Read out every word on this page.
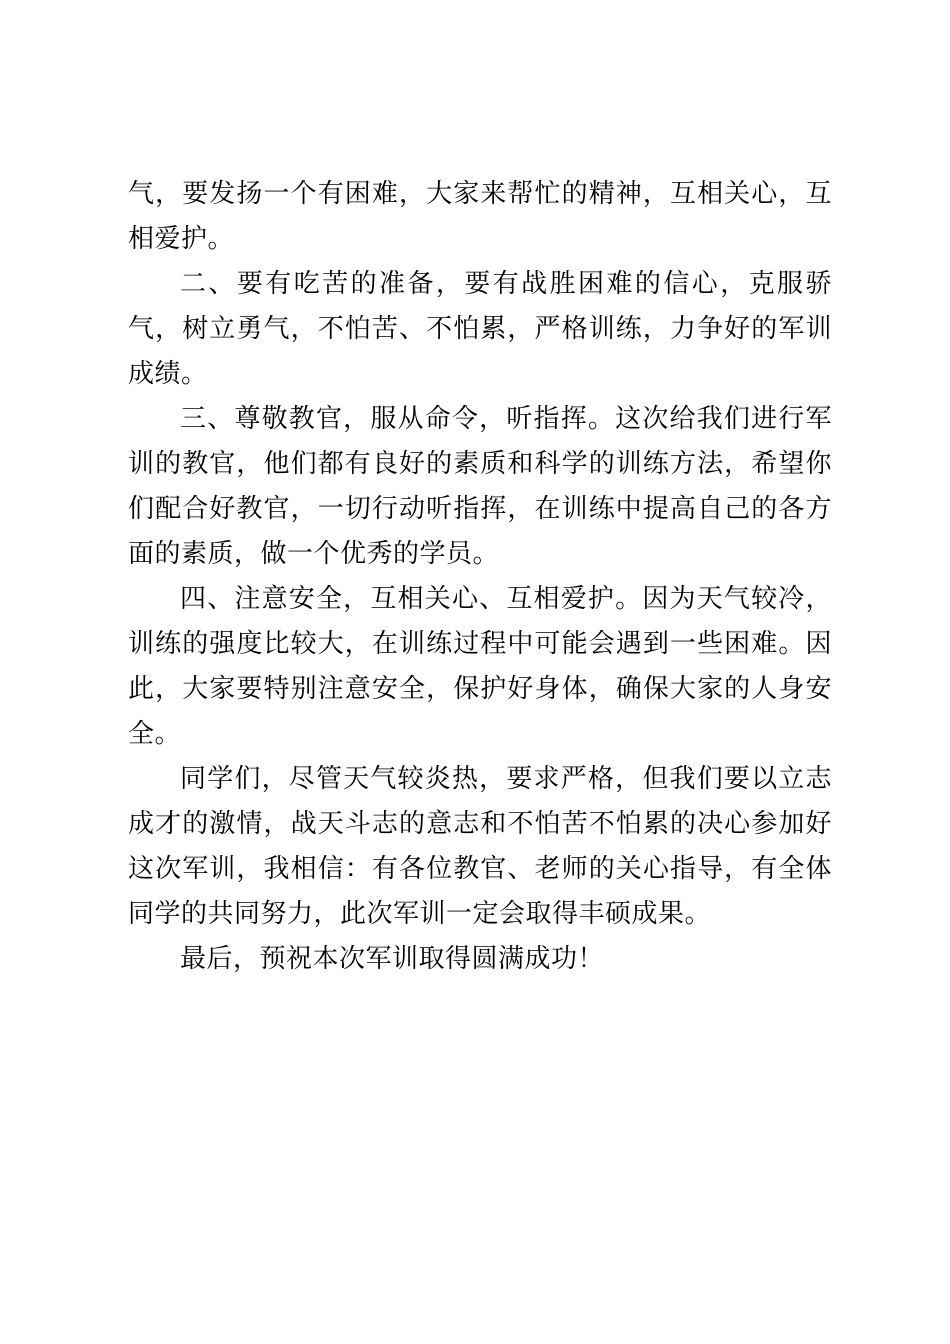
气，要发扬一个有困难，大家来帮忙的精神，互相关心，互相爱护。

二、要有吃苦的准备，要有战胜困难的信心，克服骄气，树立勇气，不怕苦、不怕累，严格训练，力争好的军训成绩。

三、尊敬教官，服从命令，听指挥。这次给我们进行军训的教官，他们都有良好的素质和科学的训练方法，希望你们配合好教官，一切行动听指挥，在训练中提高自己的各方面的素质，做一个优秀的学员。

四、注意安全，互相关心、互相爱护。因为天气较冷，训练的强度比较大，在训练过程中可能会遇到一些困难。因此，大家要特别注意安全，保护好身体，确保大家的人身安全。

同学们，尽管天气较炎热，要求严格，但我们要以立志成才的激情，战天斗志的意志和不怕苦不怕累的决心参加好这次军训，我相信：有各位教官、老师的关心指导，有全体同学的共同努力，此次军训一定会取得丰硕成果。

最后，预祝本次军训取得圆满成功！
